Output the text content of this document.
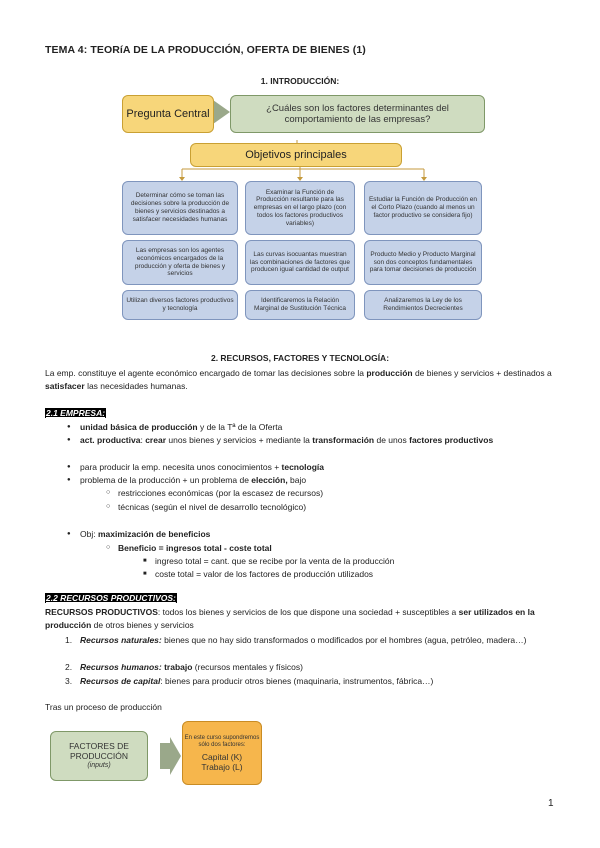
TEMA 4: TEORíA DE LA PRODUCCIÓN, OFERTA DE BIENES (1)
1. INTRODUCCIÓN:
Pregunta Central	¿Cuáles son los factores determinantes del comportamiento de las empresas?
Objetivos principales
Determinar cómo se toman las decisiones sobre la producción de bienes y servicios destinados a satisfacer necesidades humanas
Las empresas son los agentes económicos encargados de la producción y oferta de bienes y servicios
Utilizan diversos factores productivos y tecnología
Examinar la Función de Producción resultante para las empresas en el largo plazo (con todos los factores productivos variables)
Las curvas isocuantas muestran las combinaciones de factores que producen igual cantidad de output
Identificaremos la Relación Marginal de Sustitución Técnica
Estudiar la Función de Producción en el Corto Plazo (cuando al menos un factor productivo se considera fijo)
Producto Medio y Producto Marginal son dos conceptos fundamentales para tomar decisiones de producción
Analizaremos la Ley de los Rendimientos Decrecientes
2. RECURSOS, FACTORES Y TECNOLOGÍA:
La emp. constituye el agente económico encargado de tomar las decisiones sobre la producción de bienes y servicios + destinados a satisfacer las necesidades humanas.
2.1 EMPRESA:
● unidad básica de producción y de la Tª de la Oferta
● act. productiva: crear unos bienes y servicios + mediante la transformación de unos factores productivos
● para producir la emp. necesita unos conocimientos + tecnología
● problema de la producción + un problema de elección, bajo
○ restricciones económicas (por la escasez de recursos)
○ técnicas (según el nivel de desarrollo tecnológico)
● Obj: maximización de beneficios
○ Beneficio = ingresos total - coste total
■ ingreso total = cant. que se recibe por la venta de la producción
■ coste total = valor de los factores de producción utilizados
2.2 RECURSOS PRODUCTIVOS:
RECURSOS PRODUCTIVOS: todos los bienes y servicios de los que dispone una sociedad + susceptibles a ser utilizados en la producción de otros bienes y servicios
1. Recursos naturales: bienes que no hay sido transformados o modificados por el hombres (agua, petróleo, madera…)
2. Recursos humanos: trabajo (recursos mentales y físicos)
3. Recursos de capital: bienes para producir otros bienes (maquinaria, instrumentos, fábrica…)
Tras un proceso de producción
FACTORES DE PRODUCCIÓN
(inputs)
En este curso supondremos sólo dos factores:
Capital (K)
Trabajo (L)
1
